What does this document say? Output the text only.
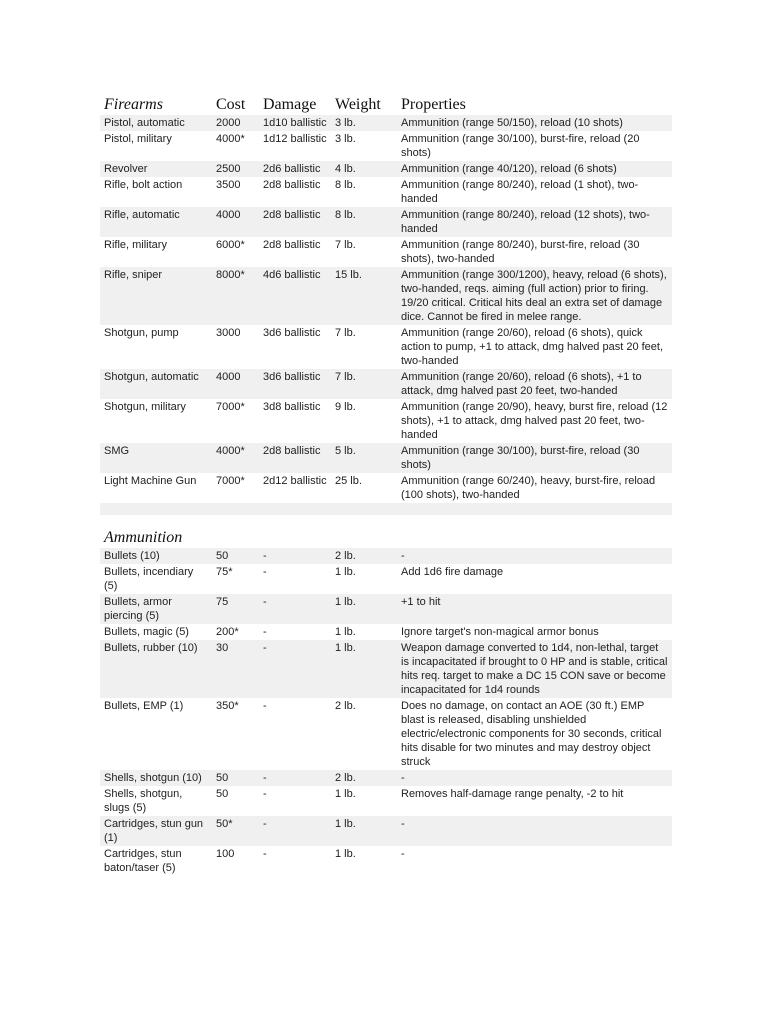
Firearms	Cost	Damage	Weight	Properties
Pistol, automatic	2000	1d10 ballistic	3 lb.	Ammunition (range 50/150), reload (10 shots)
Pistol, military	4000*	1d12 ballistic	3 lb.	Ammunition (range 30/100), burst-fire, reload (20 shots)
Revolver	2500	2d6 ballistic	4 lb.	Ammunition (range 40/120), reload (6 shots)
Rifle, bolt action	3500	2d8 ballistic	8 lb.	Ammunition (range 80/240), reload (1 shot), two-handed
Rifle, automatic	4000	2d8 ballistic	8 lb.	Ammunition (range 80/240), reload (12 shots), two-handed
Rifle, military	6000*	2d8 ballistic	7 lb.	Ammunition (range 80/240), burst-fire, reload (30 shots), two-handed
Rifle, sniper	8000*	4d6 ballistic	15 lb.	Ammunition (range 300/1200), heavy, reload (6 shots), two-handed, reqs. aiming (full action) prior to firing. 19/20 critical. Critical hits deal an extra set of damage dice. Cannot be fired in melee range.
Shotgun, pump	3000	3d6 ballistic	7 lb.	Ammunition (range 20/60), reload (6 shots), quick action to pump, +1 to attack, dmg halved past 20 feet, two-handed
Shotgun, automatic	4000	3d6 ballistic	7 lb.	Ammunition (range 20/60), reload (6 shots), +1 to attack, dmg halved past 20 feet, two-handed
Shotgun, military	7000*	3d8 ballistic	9 lb.	Ammunition (range 20/90), heavy, burst fire, reload (12 shots), +1 to attack, dmg halved past 20 feet, two-handed
SMG	4000*	2d8 ballistic	5 lb.	Ammunition (range 30/100), burst-fire, reload (30 shots)
Light Machine Gun	7000*	2d12 ballistic	25 lb.	Ammunition (range 60/240), heavy, burst-fire, reload (100 shots), two-handed

Ammunition				
Bullets (10)	50	-	2 lb.	-
Bullets, incendiary (5)	75*	-	1 lb.	Add 1d6 fire damage
Bullets, armor piercing (5)	75	-	1 lb.	+1 to hit
Bullets, magic (5)	200*	-	1 lb.	Ignore target's non-magical armor bonus
Bullets, rubber (10)	30	-	1 lb.	Weapon damage converted to 1d4, non-lethal, target is incapacitated if brought to 0 HP and is stable, critical hits req. target to make a DC 15 CON save or become incapacitated for 1d4 rounds
Bullets, EMP (1)	350*	-	2 lb.	Does no damage, on contact an AOE (30 ft.) EMP blast is released, disabling unshielded electric/electronic components for 30 seconds, critical hits disable for two minutes and may destroy object struck
Shells, shotgun (10)	50	-	2 lb.	-
Shells, shotgun, slugs (5)	50	-	1 lb.	Removes half-damage range penalty, -2 to hit
Cartridges, stun gun (1)	50*	-	1 lb.	-
Cartridges, stun baton/taser (5)	100	-	1 lb.	-
